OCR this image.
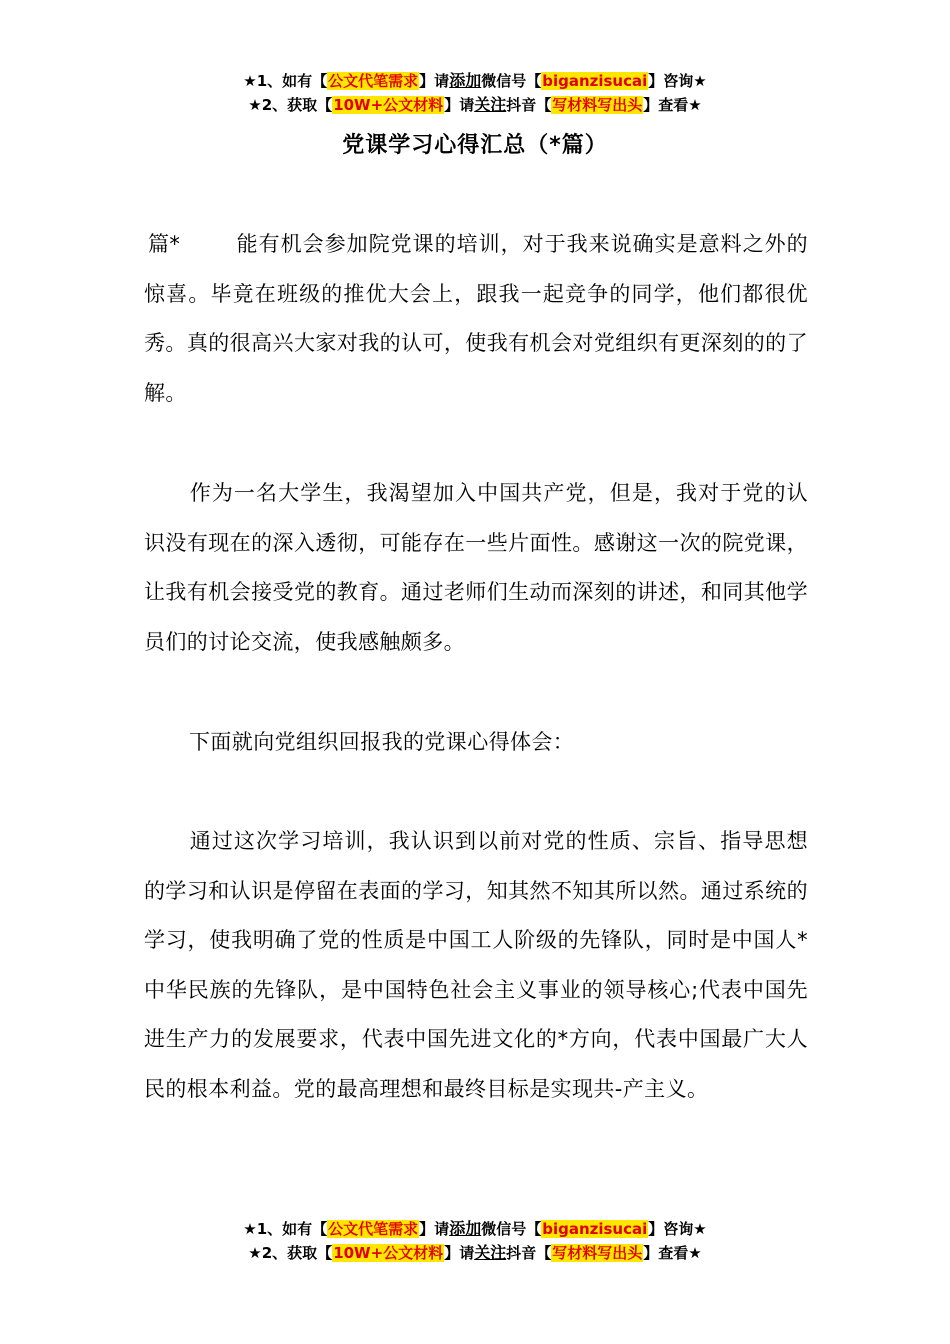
★1、如有【公文代笔需求】请添加微信号【biganzisucai】咨询★
★2、获取【10W+公文材料】请关注抖音【写材料写出头】查看★
党课学习心得汇总（*篇）

篇*	能有机会参加院党课的培训，对于我来说确实是意料之外的惊喜。毕竟在班级的推优大会上，跟我一起竞争的同学，他们都很优秀。真的很高兴大家对我的认可，使我有机会对党组织有更深刻的的了解。

作为一名大学生，我渴望加入中国共产党，但是，我对于党的认识没有现在的深入透彻，可能存在一些片面性。感谢这一次的院党课，让我有机会接受党的教育。通过老师们生动而深刻的讲述，和同其他学员们的讨论交流，使我感触颇多。

下面就向党组织回报我的党课心得体会：

通过这次学习培训，我认识到以前对党的性质、宗旨、指导思想的学习和认识是停留在表面的学习，知其然不知其所以然。通过系统的学习，使我明确了党的性质是中国工人阶级的先锋队，同时是中国人*中华民族的先锋队，是中国特色社会主义事业的领导核心;代表中国先进生产力的发展要求，代表中国先进文化的*方向，代表中国最广大人民的根本利益。党的最高理想和最终目标是实现共-产主义。

★1、如有【公文代笔需求】请添加微信号【biganzisucai】咨询★
★2、获取【10W+公文材料】请关注抖音【写材料写出头】查看★
